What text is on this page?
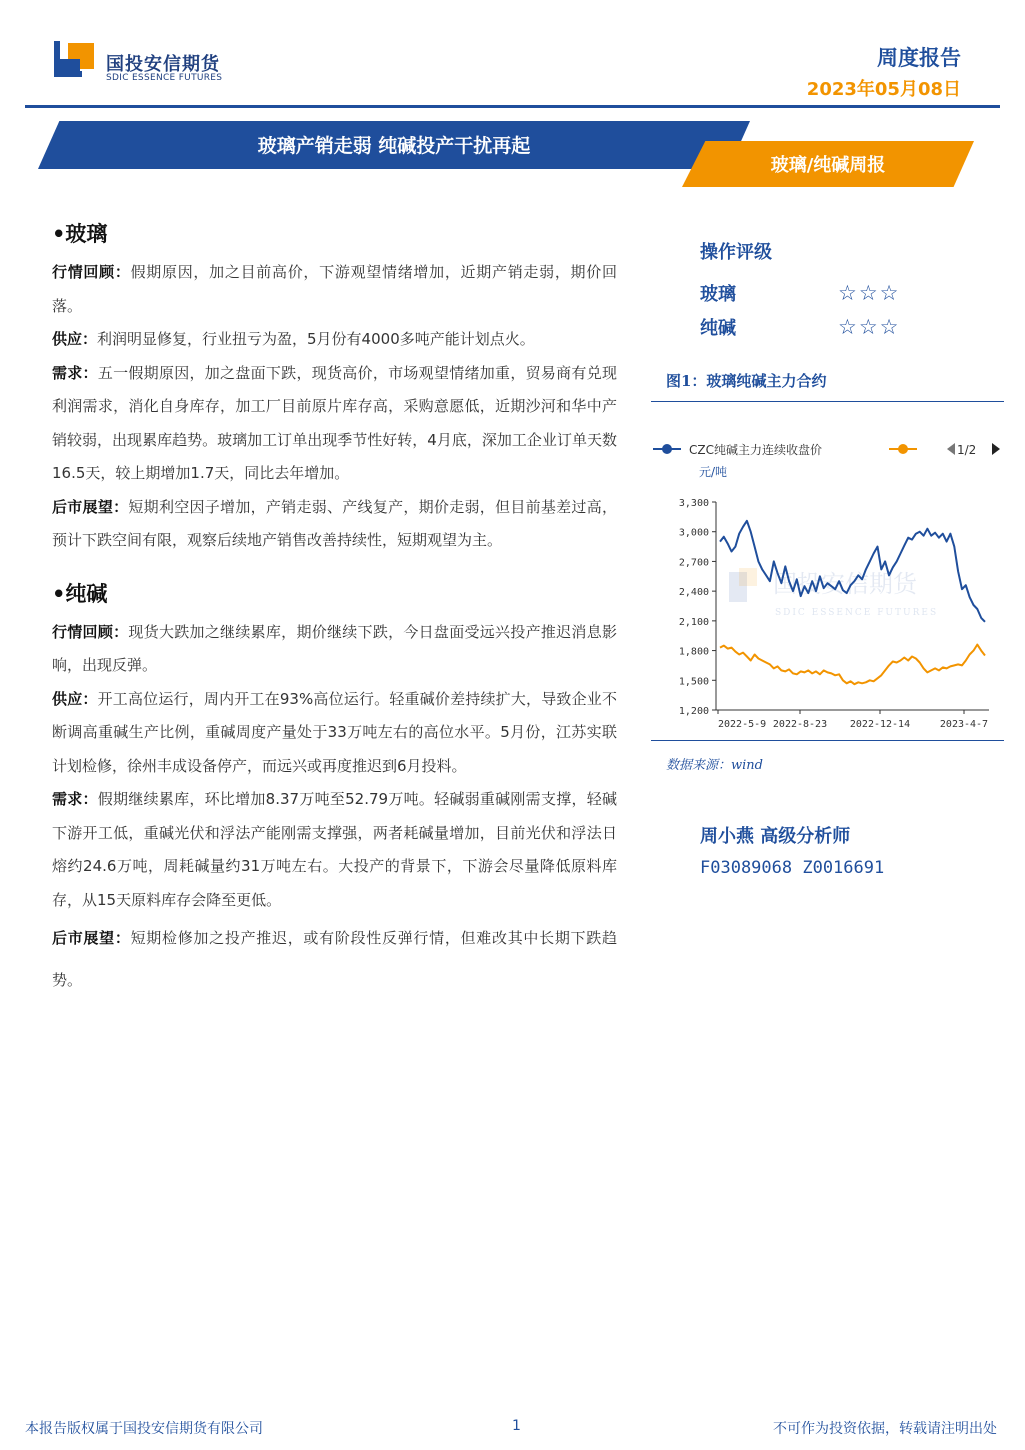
国投安信期货
SDIC ESSENCE FUTURES
周度报告
2023年05月08日
玻璃产销走弱 纯碱投产干扰再起
玻璃/纯碱周报
•玻璃

行情回顾：假期原因，加之目前高价，下游观望情绪增加，近期产销走弱，期价回落。

供应：利润明显修复，行业扭亏为盈，5月份有4000多吨产能计划点火。

需求：五一假期原因，加之盘面下跌，现货高价，市场观望情绪加重，贸易商有兑现利润需求，消化自身库存，加工厂目前原片库存高，采购意愿低，近期沙河和华中产销较弱，出现累库趋势。玻璃加工订单出现季节性好转，4月底，深加工企业订单天数16.5天，较上期增加1.7天，同比去年增加。

后市展望：短期利空因子增加，产销走弱、产线复产，期价走弱，但目前基差过高，预计下跌空间有限，观察后续地产销售改善持续性，短期观望为主。

•纯碱

行情回顾：现货大跌加之继续累库，期价继续下跌，今日盘面受远兴投产推迟消息影响，出现反弹。

供应：开工高位运行，周内开工在93%高位运行。轻重碱价差持续扩大，导致企业不断调高重碱生产比例，重碱周度产量处于33万吨左右的高位水平。5月份，江苏实联计划检修，徐州丰成设备停产，而远兴或再度推迟到6月投料。

需求：假期继续累库，环比增加8.37万吨至52.79万吨。轻碱弱重碱刚需支撑，轻碱下游开工低，重碱光伏和浮法产能刚需支撑强，两者耗碱量增加，目前光伏和浮法日熔约24.6万吨，周耗碱量约31万吨左右。大投产的背景下，下游会尽量降低原料库存，从15天原料库存会降至更低。

后市展望：短期检修加之投产推迟，或有阶段性反弹行情，但难改其中长期下跌趋势。

操作评级
玻璃	☆☆☆
纯碱	☆☆☆
图1：玻璃纯碱主力合约
CZC纯碱主力连续收盘价	1/2
元/吨
国投安信期货
SDIC ESSENCE FUTURES
3,300
3,000
2,700
2,400
2,100
1,800
1,500
1,200
2022-5-9 2022-8-23 2022-12-14	2023-4-7
数据来源：wind
周小燕 高级分析师
F03089068 Z0016691
本报告版权属于国投安信期货有限公司	1	不可作为投资依据，转载请注明出处
